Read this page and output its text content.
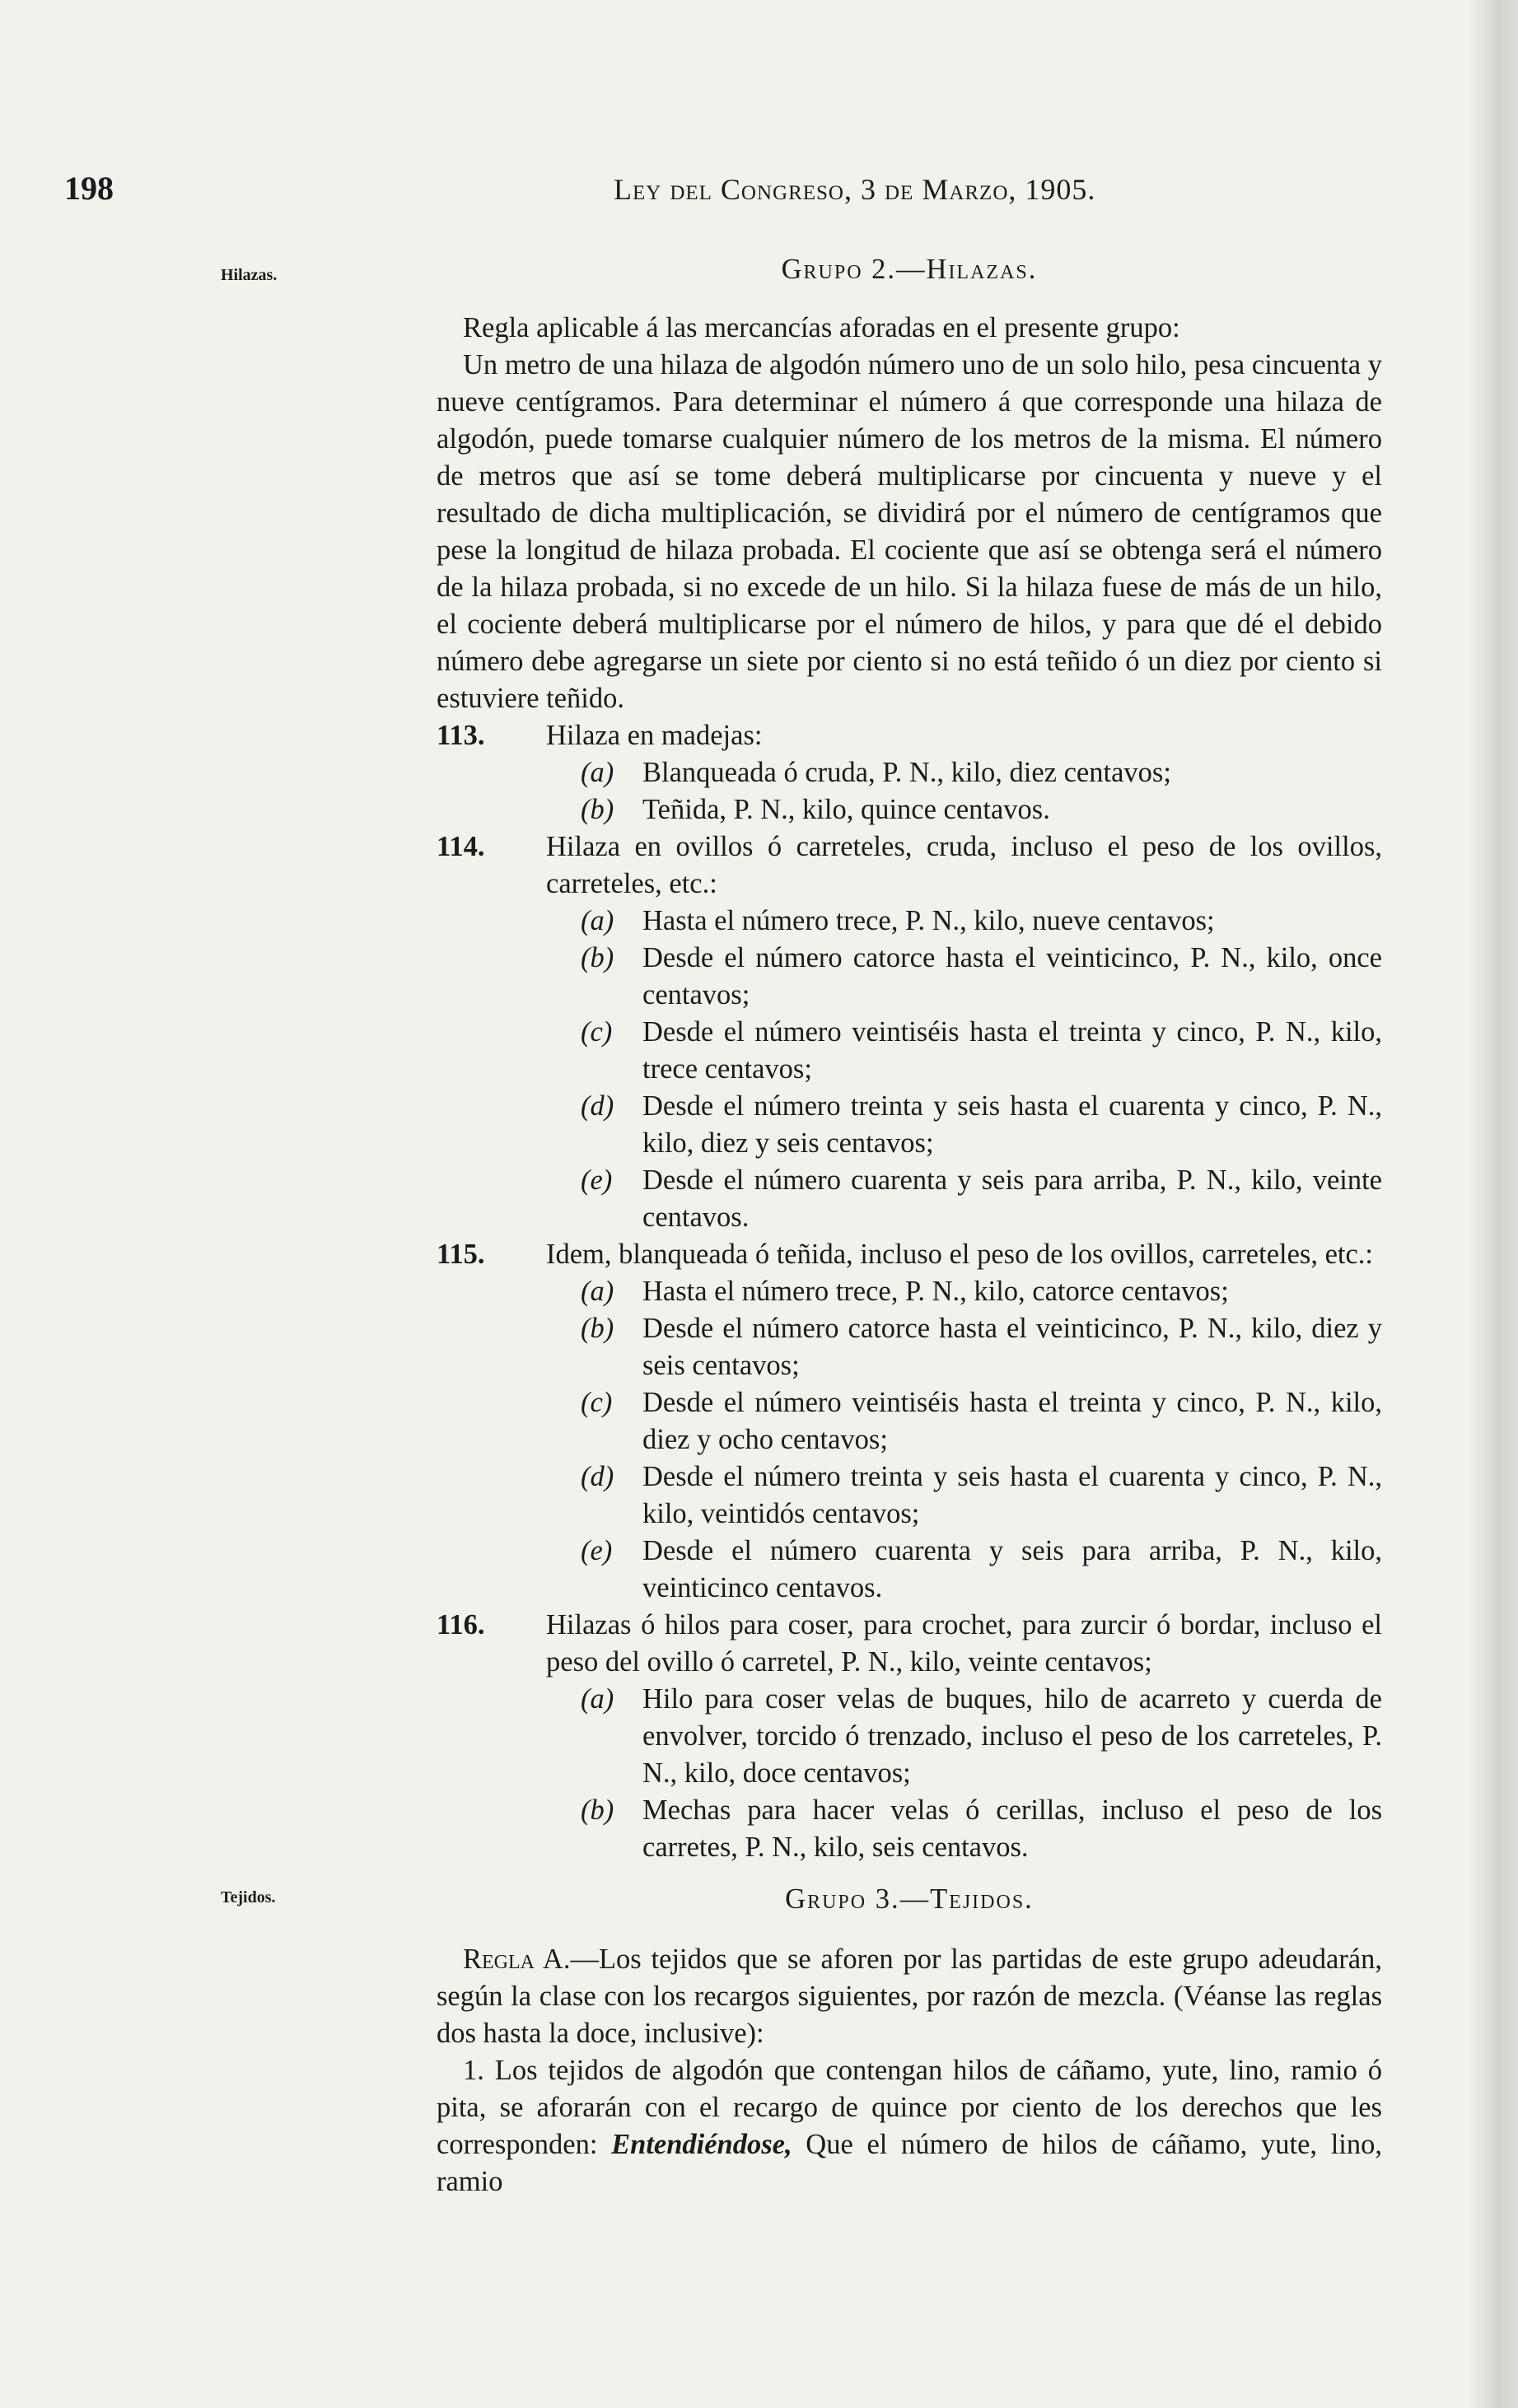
198	Ley del Congreso, 3 de Marzo, 1905.
Hilazas.
Tejidos.
Grupo 2.—Hilazas.

Regla aplicable á las mercancías aforadas en el presente grupo:

Un metro de una hilaza de algodón número uno de un solo hilo, pesa cincuenta y nueve centígramos. Para determinar el número á que corresponde una hilaza de algodón, puede tomarse cualquier número de los metros de la misma. El número de metros que así se tome deberá multiplicarse por cincuenta y nueve y el resultado de dicha multiplicación, se dividirá por el número de centígramos que pese la longitud de hilaza probada. El cociente que así se obtenga será el número de la hilaza probada, si no excede de un hilo. Si la hilaza fuese de más de un hilo, el cociente deberá multiplicarse por el número de hilos, y para que dé el debido número debe agregarse un siete por ciento si no está teñido ó un diez por ciento si estuviere teñido.

113. Hilaza en madejas:
(a) Blanqueada ó cruda, P. N., kilo, diez centavos;
(b) Teñida, P. N., kilo, quince centavos.
114. Hilaza en ovillos ó carreteles, cruda, incluso el peso de los ovillos, carreteles, etc.:
(a) Hasta el número trece, P. N., kilo, nueve centavos;
(b) Desde el número catorce hasta el veinticinco, P. N., kilo, once centavos;
(c) Desde el número veintiséis hasta el treinta y cinco, P. N., kilo, trece centavos;
(d) Desde el número treinta y seis hasta el cuarenta y cinco, P. N., kilo, diez y seis centavos;
(e) Desde el número cuarenta y seis para arriba, P. N., kilo, veinte centavos.
115. Idem, blanqueada ó teñida, incluso el peso de los ovillos, carreteles, etc.:
(a) Hasta el número trece, P. N., kilo, catorce centavos;
(b) Desde el número catorce hasta el veinticinco, P. N., kilo, diez y seis centavos;
(c) Desde el número veintiséis hasta el treinta y cinco, P. N., kilo, diez y ocho centavos;
(d) Desde el número treinta y seis hasta el cuarenta y cinco, P. N., kilo, veintidós centavos;
(e) Desde el número cuarenta y seis para arriba, P. N., kilo, veinticinco centavos.
116. Hilazas ó hilos para coser, para crochet, para zurcir ó bordar, incluso el peso del ovillo ó carretel, P. N., kilo, veinte centavos;
(a) Hilo para coser velas de buques, hilo de acarreto y cuerda de envolver, torcido ó trenzado, incluso el peso de los carreteles, P. N., kilo, doce centavos;
(b) Mechas para hacer velas ó cerillas, incluso el peso de los carretes, P. N., kilo, seis centavos.
Grupo 3.—Tejidos.

Regla A.—Los tejidos que se aforen por las partidas de este grupo adeudarán, según la clase con los recargos siguientes, por razón de mezcla. (Véanse las reglas dos hasta la doce, inclusive):

1. Los tejidos de algodón que contengan hilos de cáñamo, yute, lino, ramio ó pita, se aforarán con el recargo de quince por ciento de los derechos que les corresponden: Entendiéndose, Que el número de hilos de cáñamo, yute, lino, ramio
